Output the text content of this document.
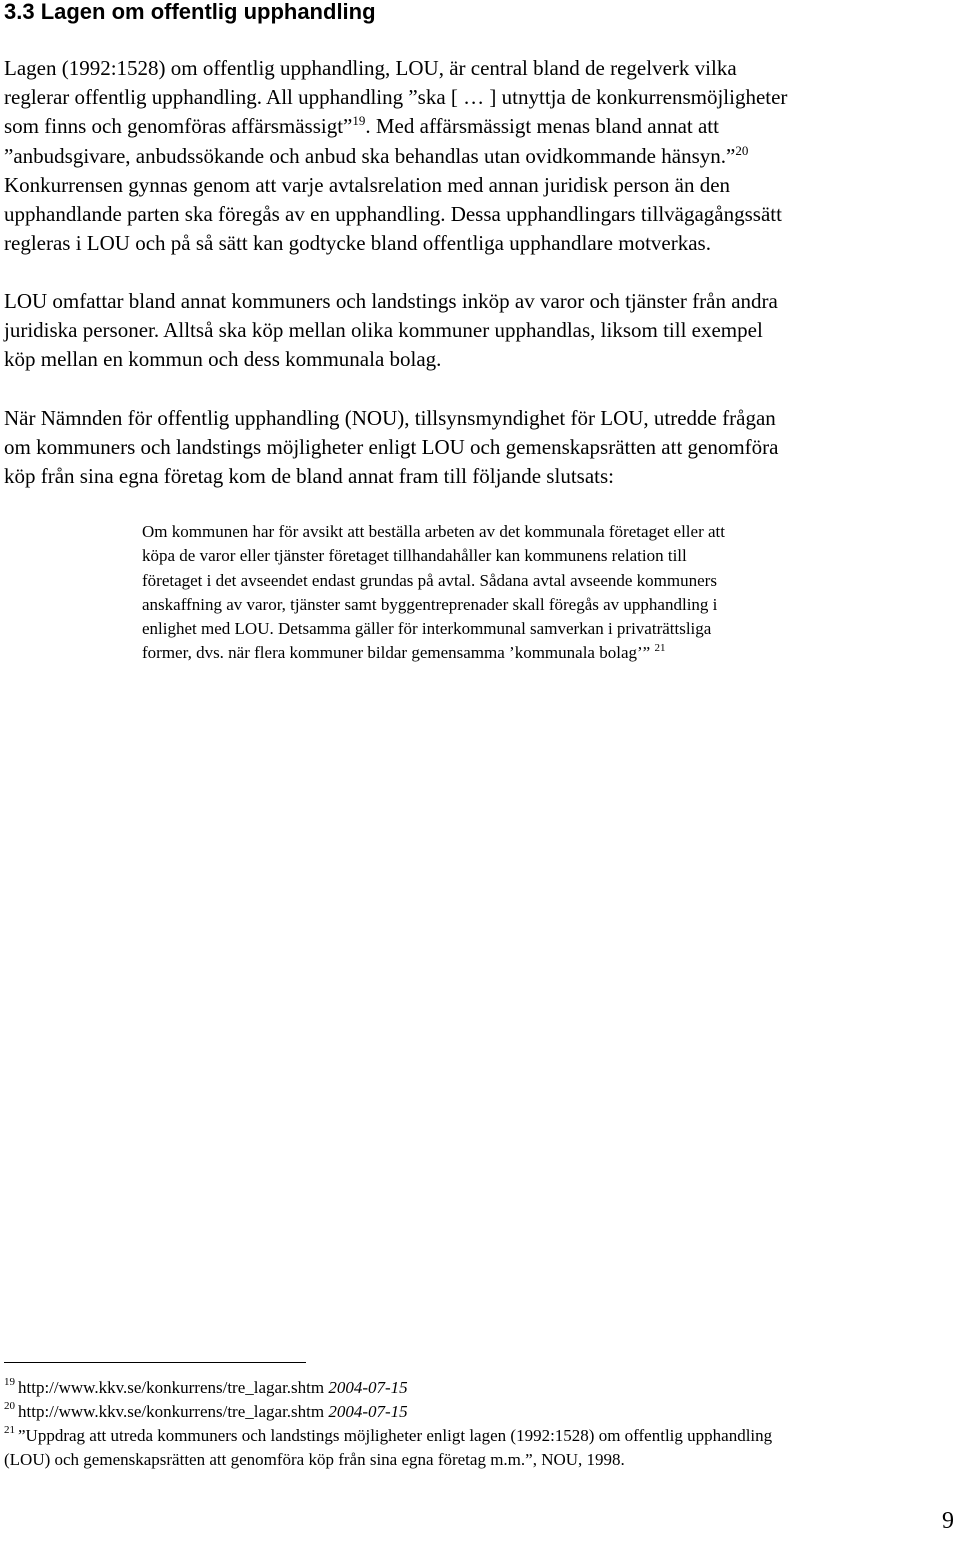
3.3 Lagen om offentlig upphandling

Lagen (1992:1528) om offentlig upphandling, LOU, är central bland de regelverk vilka
reglerar offentlig upphandling. All upphandling ”ska [ … ] utnyttja de konkurrensmöjligheter
som finns och genomföras affärsmässigt”$^{19}$. Med affärsmässigt menas bland annat att
”anbudsgivare, anbudssökande och anbud ska behandlas utan ovidkommande hänsyn.”$^{20}$
Konkurrensen gynnas genom att varje avtalsrelation med annan juridisk person än den
upphandlande parten ska föregås av en upphandling. Dessa upphandlingars tillvägagångssätt
regleras i LOU och på så sätt kan godtycke bland offentliga upphandlare motverkas.

LOU omfattar bland annat kommuners och landstings inköp av varor och tjänster från andra
juridiska personer. Alltså ska köp mellan olika kommuner upphandlas, liksom till exempel
köp mellan en kommun och dess kommunala bolag.

När Nämnden för offentlig upphandling (NOU), tillsynsmyndighet för LOU, utredde frågan
om kommuners och landstings möjligheter enligt LOU och gemenskapsrätten att genomföra
köp från sina egna företag kom de bland annat fram till följande slutsats:

Om kommunen har för avsikt att beställa arbeten av det kommunala företaget eller att
köpa de varor eller tjänster företaget tillhandahåller kan kommunens relation till
företaget i det avseendet endast grundas på avtal. Sådana avtal avseende kommuners
anskaffning av varor, tjänster samt byggentreprenader skall föregås av upphandling i
enlighet med LOU. Detsamma gäller för interkommunal samverkan i privaträttsliga
former, dvs. när flera kommuner bildar gemensamma ’kommunala bolag’” $^{21}$

$^{19}$ http://www.kkv.se/konkurrens/tre_lagar.shtm 2004-07-15

$^{20}$ http://www.kkv.se/konkurrens/tre_lagar.shtm 2004-07-15

$^{21}$ ”Uppdrag att utreda kommuners och landstings möjligheter enligt lagen (1992:1528) om offentlig upphandling
(LOU) och gemenskapsrätten att genomföra köp från sina egna företag m.m.”, NOU, 1998.

9
